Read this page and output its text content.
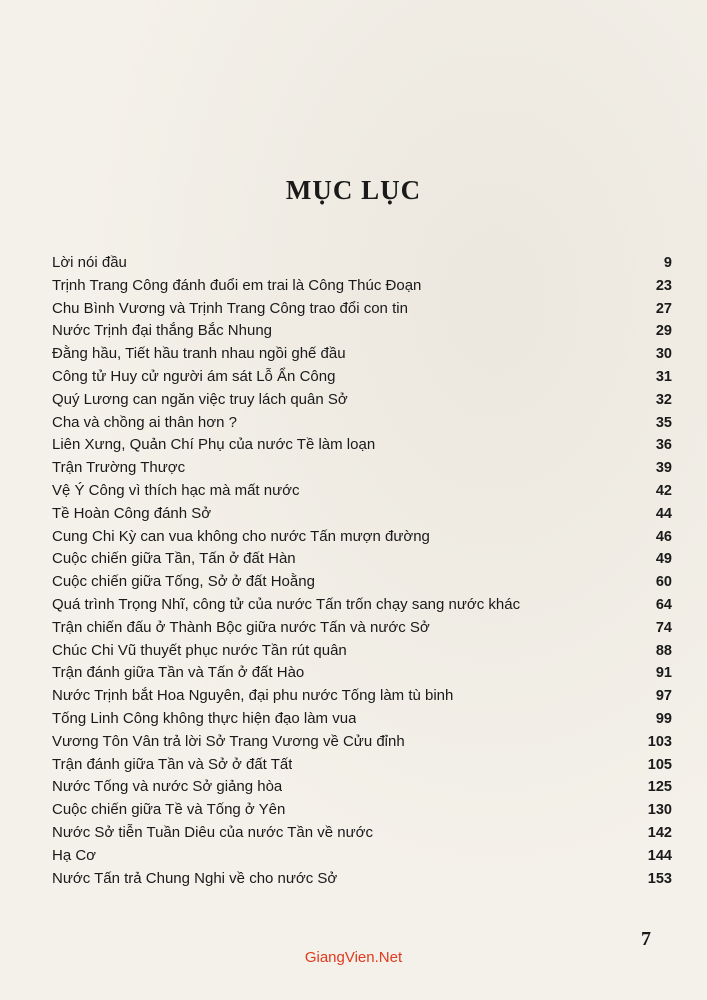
MỤC LỤC
Lời nói đầu	9
Trịnh Trang Công đánh đuổi em trai là Công Thúc Đoạn	23
Chu Bình Vương và Trịnh Trang Công trao đổi con tin	27
Nước Trịnh đại thắng Bắc Nhung	29
Đằng hầu, Tiết hầu tranh nhau ngồi ghế đầu	30
Công tử Huy cử người ám sát Lỗ Ẩn Công	31
Quý Lương can ngăn việc truy lách quân Sở	32
Cha và chồng ai thân hơn ?	35
Liên Xưng, Quản Chí Phụ của nước Tề làm loạn	36
Trận Trường Thược	39
Vệ Ý Công vì thích hạc mà mất nước	42
Tề Hoàn Công đánh Sở	44
Cung Chi Kỳ can vua không cho nước Tấn mượn đường	46
Cuộc chiến giữa Tần, Tấn ở đất Hàn	49
Cuộc chiến giữa Tống, Sở ở đất Hoằng	60
Quá trình Trọng Nhĩ, công tử của nước Tấn trốn chạy sang nước khác	64
Trận chiến đấu ở Thành Bộc giữa nước Tấn và nước Sở	74
Chúc Chi Vũ thuyết phục nước Tần rút quân	88
Trận đánh giữa Tần và Tấn ở đất Hào	91
Nước Trịnh bắt Hoa Nguyên, đại phu nước Tống làm tù binh	97
Tống Linh Công không thực hiện đạo làm vua	99
Vương Tôn Vân trả lời Sở Trang Vương về Cửu đỉnh	103
Trận đánh giữa Tần và Sở ở đất Tất	105
Nước Tống và nước Sở giảng hòa	125
Cuộc chiến giữa Tề và Tống ở Yên	130
Nước Sở tiễn Tuần Diêu của nước Tần về nước	142
Hạ Cơ	144
Nước Tấn trả Chung Nghi về cho nước Sở	153
7
GiangVien.Net
